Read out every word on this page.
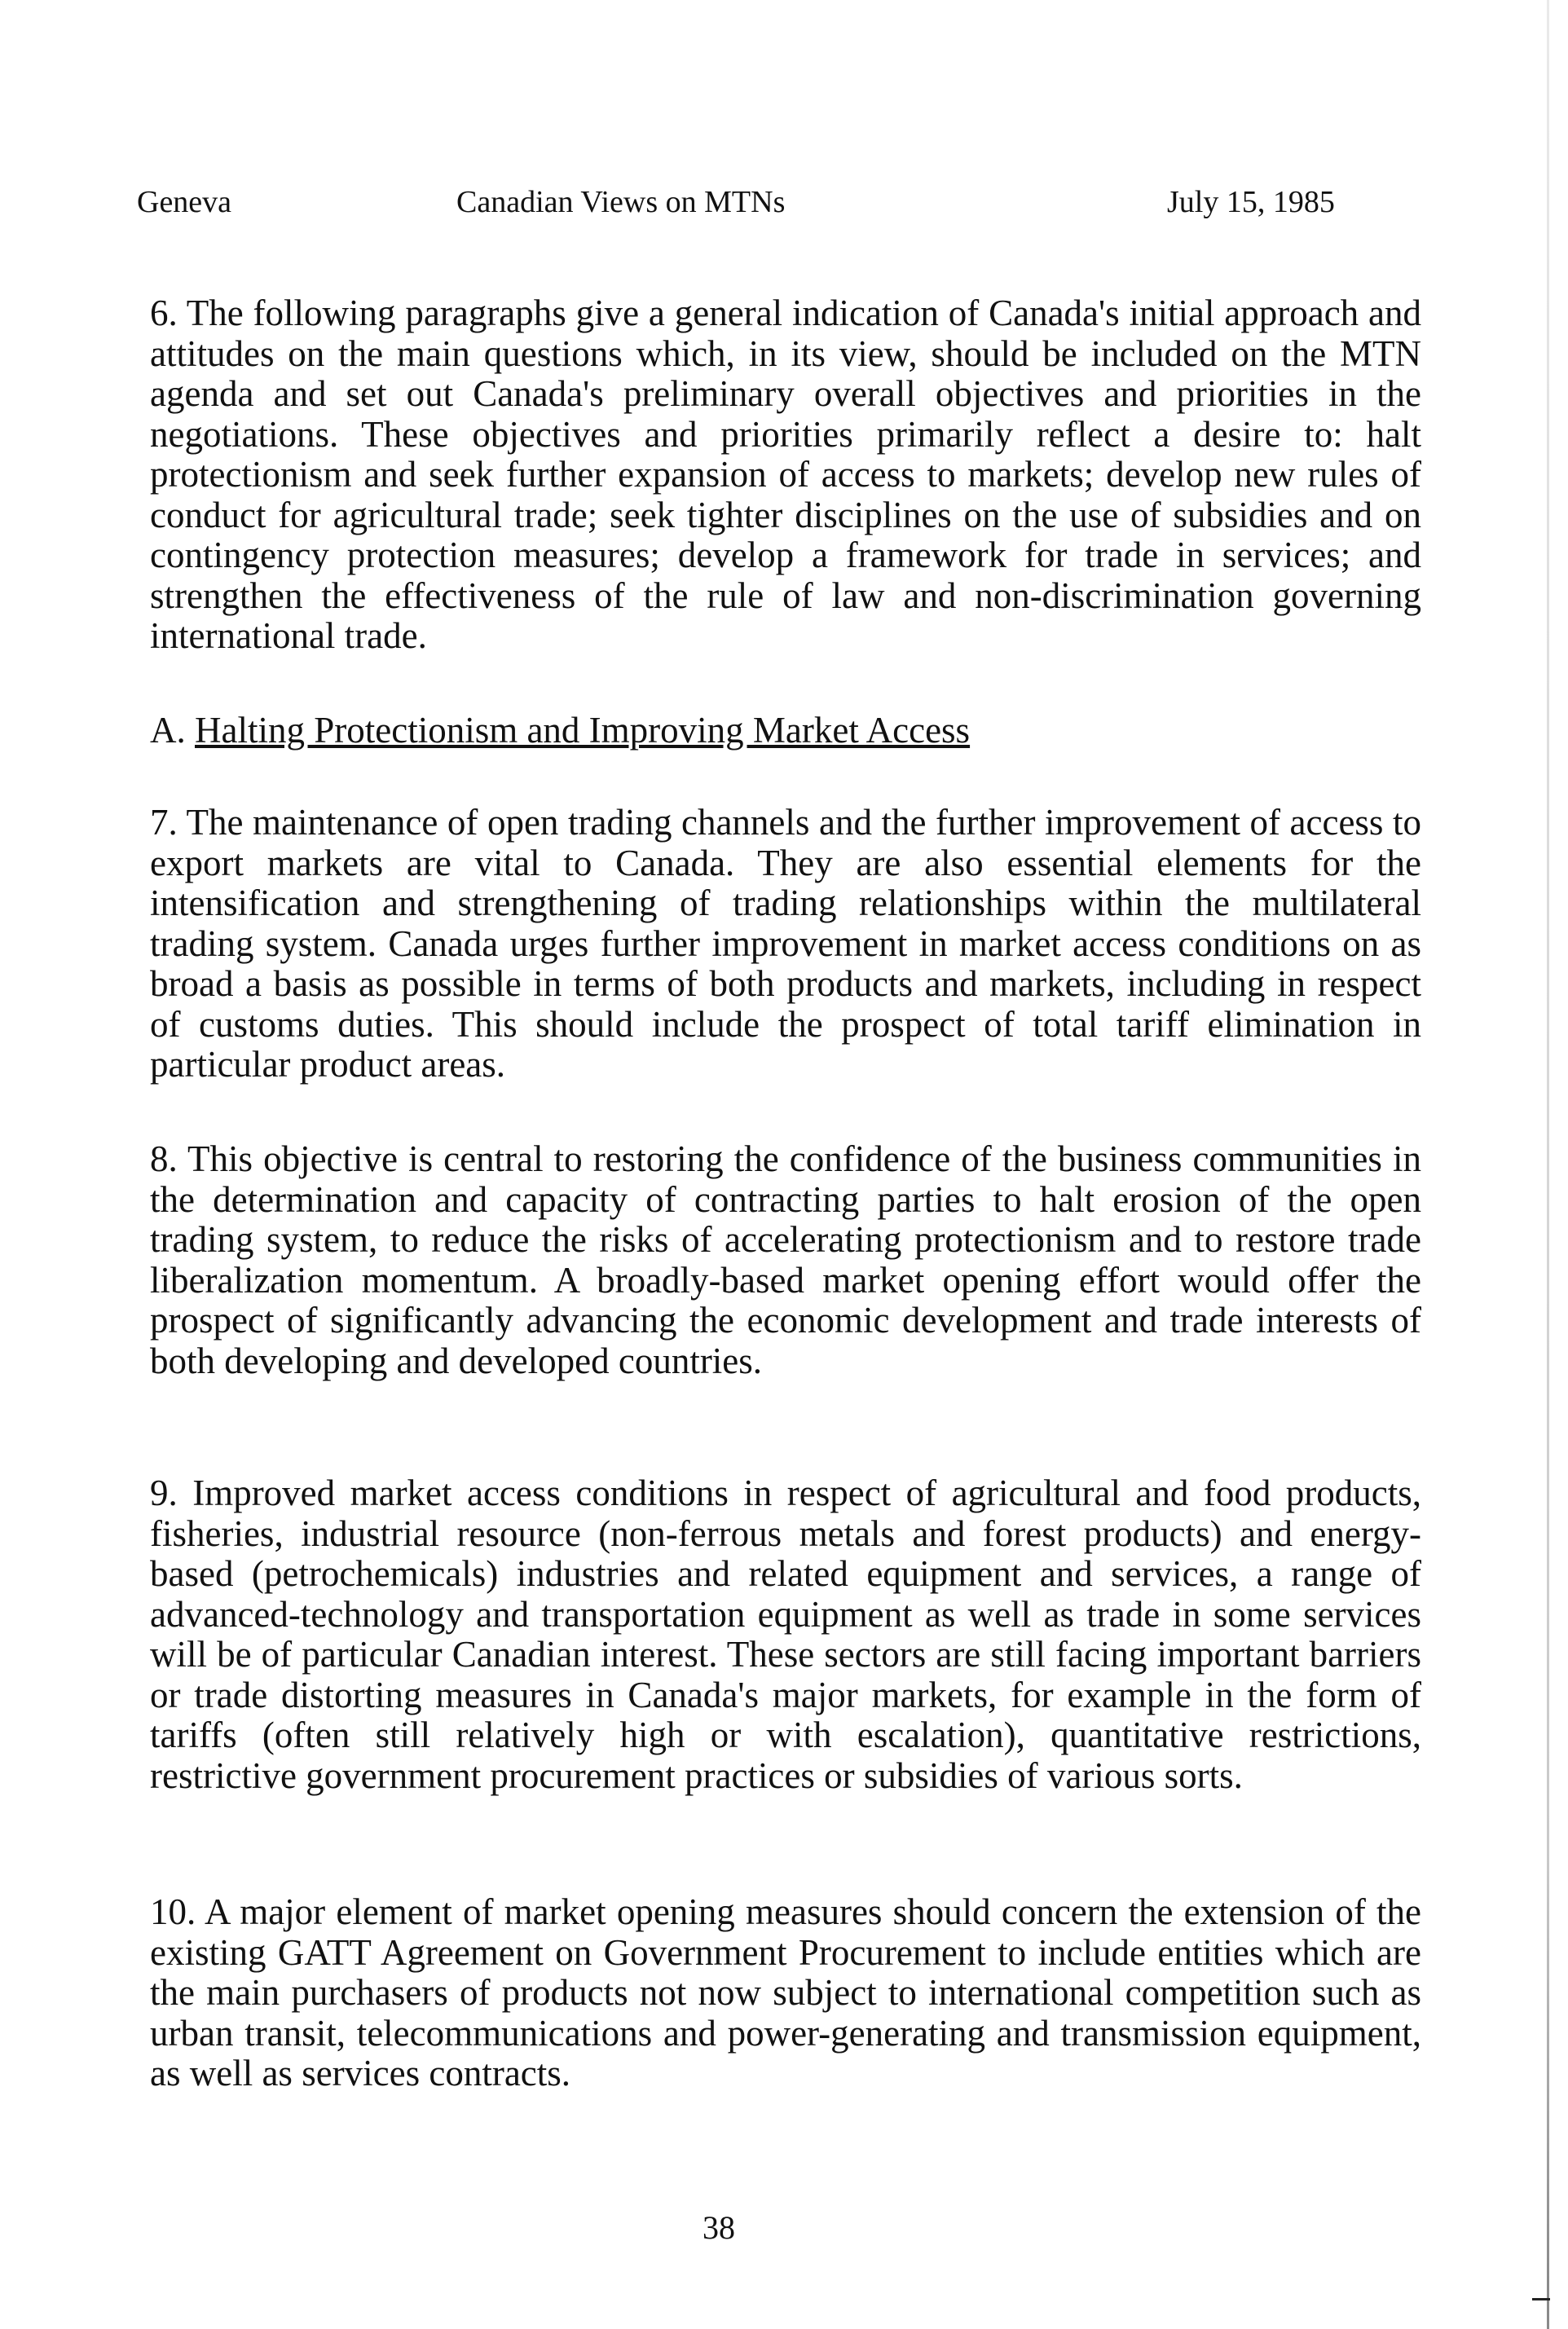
Geneva	Canadian Views on MTNs	July 15, 1985

6. The following paragraphs give a general indication of Canada's initial approach and attitudes on the main questions which, in its view, should be included on the MTN agenda and set out Canada's preliminary overall objectives and priorities in the negotiations. These objectives and priorities primarily reflect a desire to: halt protectionism and seek further expansion of access to markets; develop new rules of conduct for agricultural trade; seek tighter disciplines on the use of subsidies and on contingency protection measures; develop a framework for trade in services; and strengthen the effectiveness of the rule of law and non-discrimination governing international trade.

A. Halting Protectionism and Improving Market Access

7. The maintenance of open trading channels and the further improvement of access to export markets are vital to Canada. They are also essential elements for the intensification and strengthening of trading relationships within the multilateral trading system. Canada urges further improvement in market access conditions on as broad a basis as possible in terms of both products and markets, including in respect of customs duties. This should include the prospect of total tariff elimination in particular product areas.

8. This objective is central to restoring the confidence of the business communities in the determination and capacity of contracting parties to halt erosion of the open trading system, to reduce the risks of accelerating protectionism and to restore trade liberalization momentum. A broadly-based market opening effort would offer the prospect of significantly advancing the economic development and trade interests of both developing and developed countries.

9. Improved market access conditions in respect of agricultural and food products, fisheries, industrial resource (non-ferrous metals and forest products) and energy-based (petrochemicals) industries and related equipment and services, a range of advanced-technology and transportation equipment as well as trade in some services will be of particular Canadian interest. These sectors are still facing important barriers or trade distorting measures in Canada's major markets, for example in the form of tariffs (often still relatively high or with escalation), quantitative restrictions, restrictive government procurement practices or subsidies of various sorts.

10. A major element of market opening measures should concern the extension of the existing GATT Agreement on Government Procurement to include entities which are the main purchasers of products not now subject to international competition such as urban transit, telecommunications and power-generating and transmission equipment, as well as services contracts.

38
